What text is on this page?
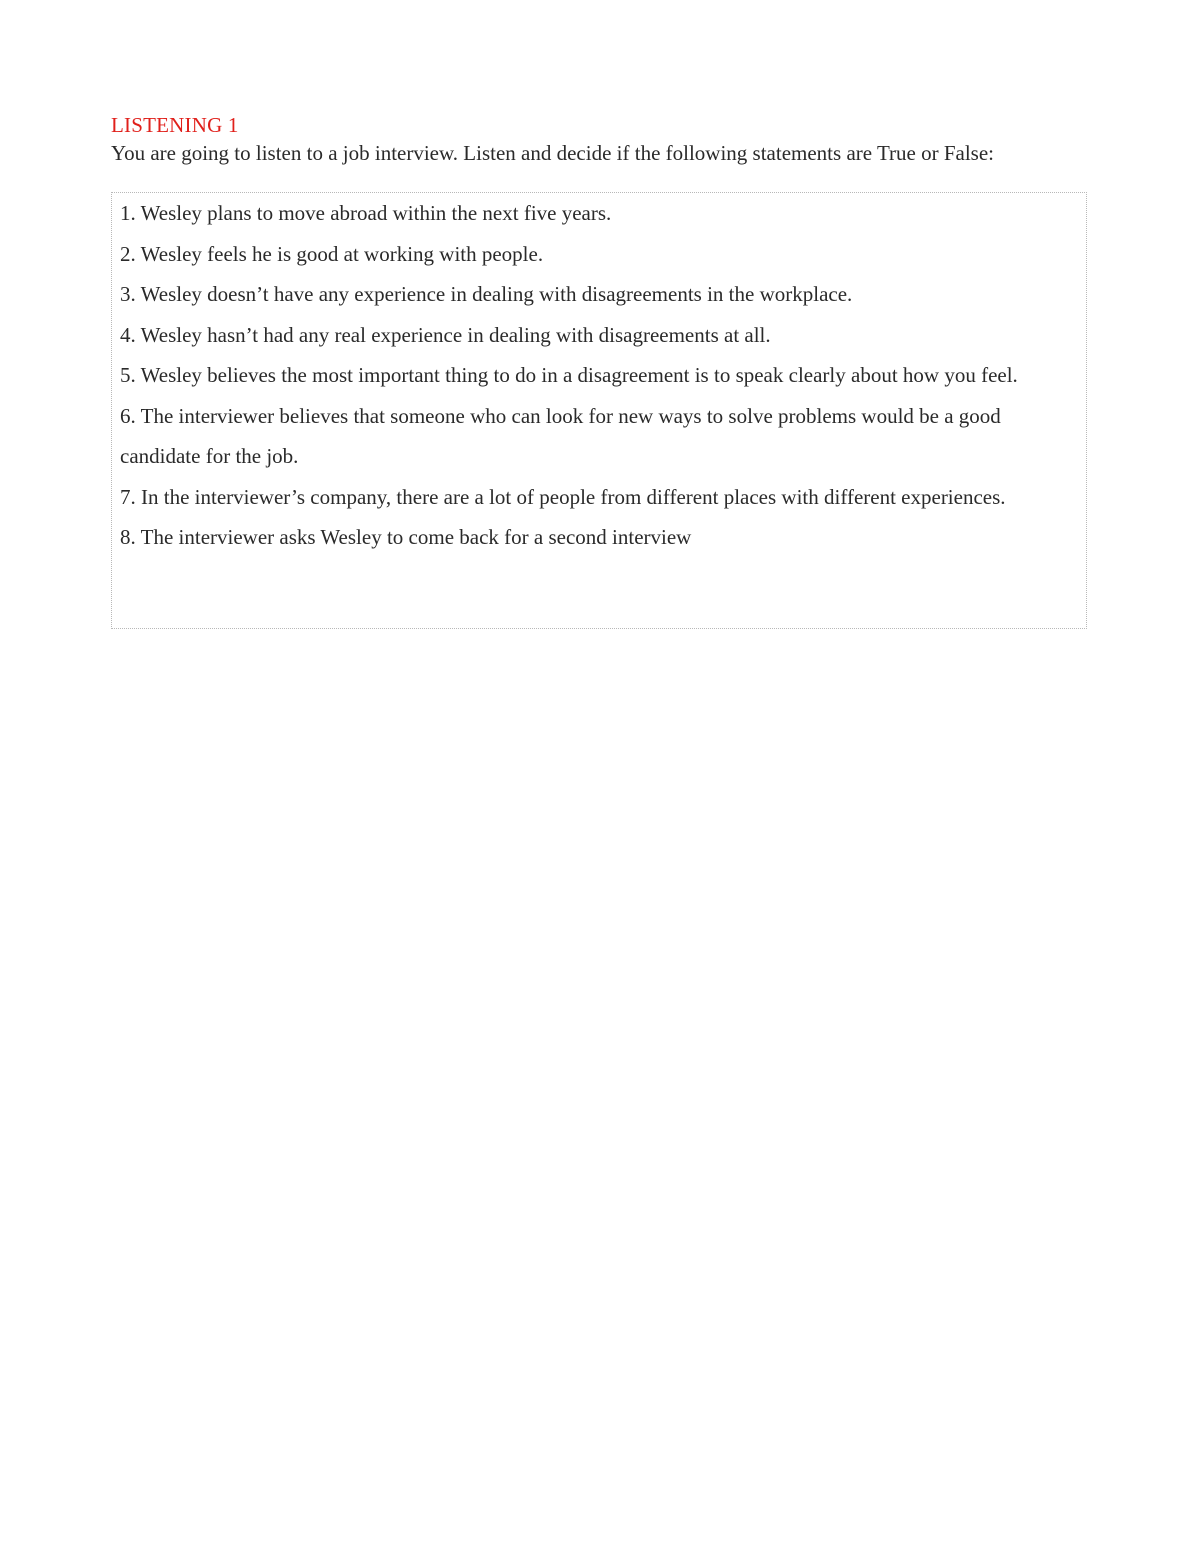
LISTENING 1
You are going to listen to a job interview. Listen and decide if the following statements are True or False:
1. Wesley plans to move abroad within the next five years.
2. Wesley feels he is good at working with people.
3. Wesley doesn’t have any experience in dealing with disagreements in the workplace.
4. Wesley hasn’t had any real experience in dealing with disagreements at all.
5. Wesley believes the most important thing to do in a disagreement is to speak clearly about how you feel.
6. The interviewer believes that someone who can look for new ways to solve problems would be a good candidate for the job.
7. In the interviewer’s company, there are a lot of people from different places with different experiences.
8. The interviewer asks Wesley to come back for a second interview
